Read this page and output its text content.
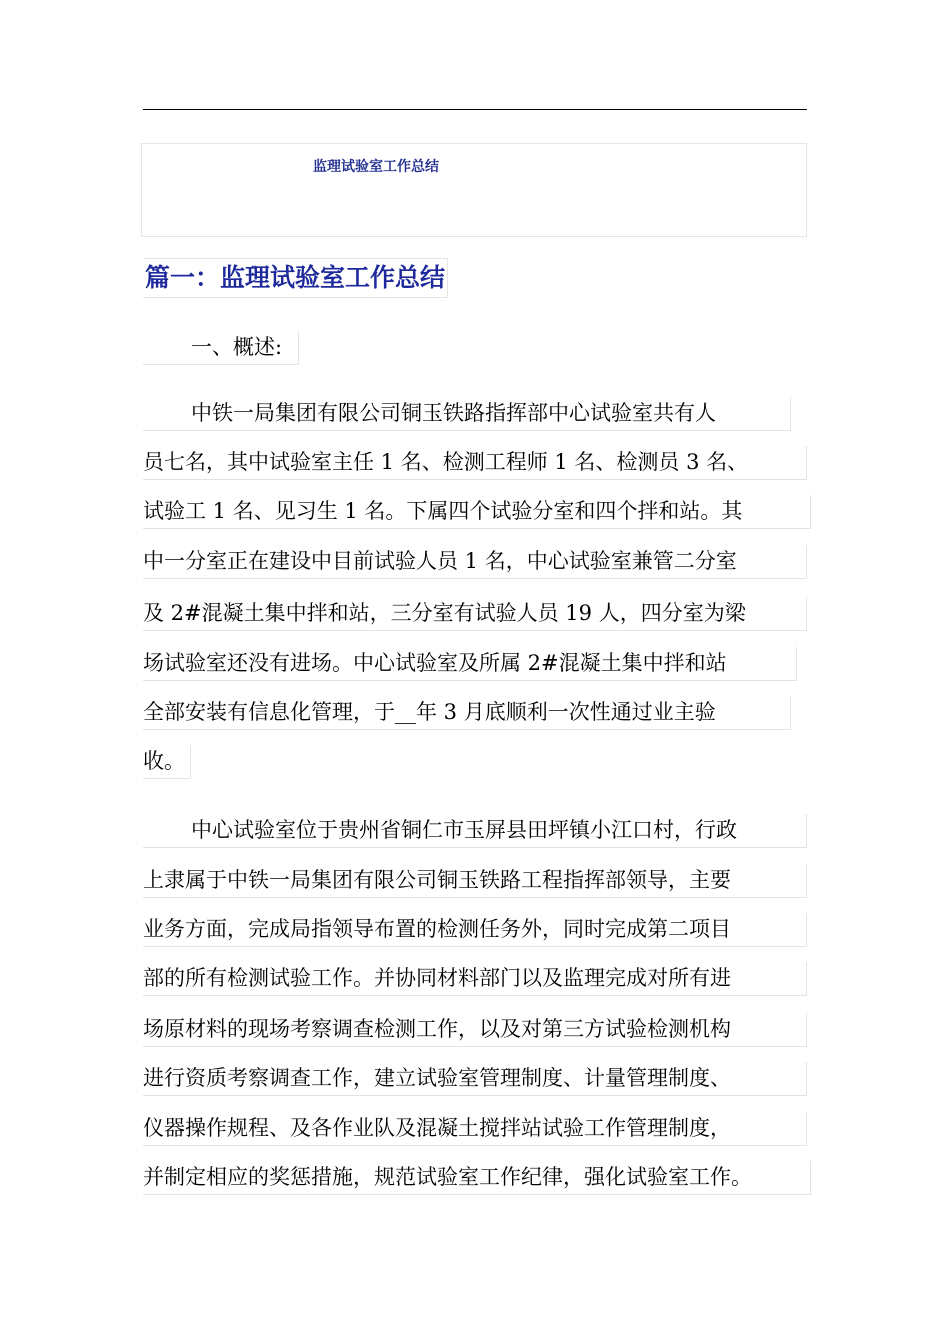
监理试验室工作总结
篇一：监理试验室工作总结
一、概述:
中铁一局集团有限公司铜玉铁路指挥部中心试验室共有人
员七名，其中试验室主任 1 名、检测工程师 1 名、检测员 3 名、
试验工 1 名、见习生 1 名。下属四个试验分室和四个拌和站。其
中一分室正在建设中目前试验人员 1 名，中心试验室兼管二分室
及 2#混凝土集中拌和站，三分室有试验人员 19 人，四分室为梁
场试验室还没有进场。中心试验室及所属 2#混凝土集中拌和站
全部安装有信息化管理，于__年 3 月底顺利一次性通过业主验
收。
中心试验室位于贵州省铜仁市玉屏县田坪镇小江口村，行政
上隶属于中铁一局集团有限公司铜玉铁路工程指挥部领导，主要
业务方面，完成局指领导布置的检测任务外，同时完成第二项目
部的所有检测试验工作。并协同材料部门以及监理完成对所有进
场原材料的现场考察调查检测工作，以及对第三方试验检测机构
进行资质考察调查工作，建立试验室管理制度、计量管理制度、
仪器操作规程、及各作业队及混凝土搅拌站试验工作管理制度，
并制定相应的奖惩措施，规范试验室工作纪律，强化试验室工作。
